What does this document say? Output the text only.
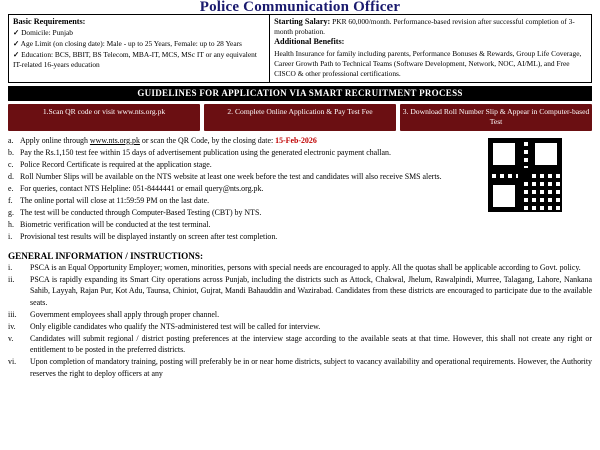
Police Communication Officer
Basic Requirements:
✓ Domicile: Punjab
✓ Age Limit (on closing date): Male - up to 25 Years, Female: up to 28 Years
✓ Education: BCS, BBIT, BS Telecom, MBA-IT, MCS, MSc IT or any equivalent IT-related 16-years education
Starting Salary: PKR 60,000/month. Performance-based revision after successful completion of 3-month probation.
Additional Benefits:
Health Insurance for family including parents, Performance Bonuses & Rewards, Group Life Coverage, Career Growth Path to Technical Teams (Software Development, Network, NOC, AI/ML), and Free CISCO & other professional certifications.
GUIDELINES FOR APPLICATION VIA SMART RECRUITMENT PROCESS
1.Scan QR code or visit www.nts.org.pk	2. Complete Online Application & Pay Test Fee	3. Download Roll Number Slip & Appear in Computer-based Test
a. Apply online through www.nts.org.pk or scan the QR Code, by the closing date: 15-Feb-2026
b. Pay the Rs.1,150 test fee within 15 days of advertisement publication using the generated electronic payment challan.
c. Police Record Certificate is required at the application stage.
d. Roll Number Slips will be available on the NTS website at least one week before the test and candidates will also receive SMS alerts.
e. For queries, contact NTS Helpline: 051-8444441 or email query@nts.org.pk.
f. The online portal will close at 11:59:59 PM on the last date.
g. The test will be conducted through Computer-Based Testing (CBT) by NTS.
h. Biometric verification will be conducted at the test terminal.
i. Provisional test results will be displayed instantly on screen after test completion.
GENERAL INFORMATION / INSTRUCTIONS:
i.	PSCA is an Equal Opportunity Employer; women, minorities, persons with special needs are encouraged to apply. All the quotas shall be applicable according to Govt. policy.
ii.	PSCA is rapidly expanding its Smart City operations across Punjab, including the districts such as Attock, Chakwal, Jhelum, Rawalpindi, Murree, Talagang, Lahore, Nankana Sahib, Layyah, Rajan Pur, Kot Adu, Taunsa, Chiniot, Gujrat, Mandi Bahauddin and Wazirabad. Candidates from these districts are encouraged to participate due to the available seats.
iii.	Government employees shall apply through proper channel.
iv.	Only eligible candidates who qualify the NTS-administered test will be called for interview.
v.	Candidates will submit regional / district posting preferences at the interview stage according to the available seats at that time. However, this shall not create any right or entitlement to be posted in the preferred districts.
vi.	Upon completion of mandatory training, posting will preferably be in or near home districts, subject to vacancy availability and operational requirements. However, the Authority reserves the right to deploy officers at any
